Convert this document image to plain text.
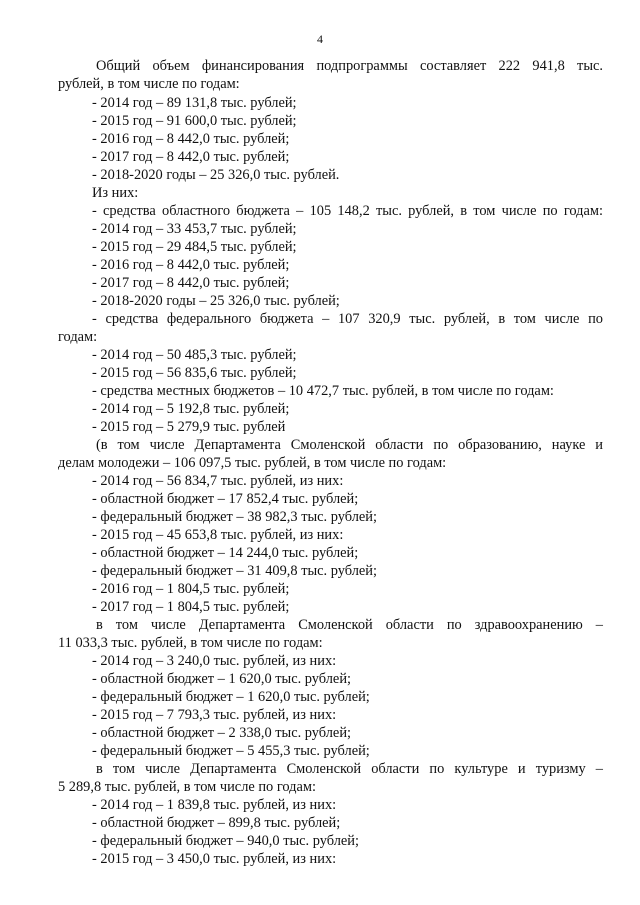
4
Общий объем финансирования подпрограммы составляет 222 941,8 тыс.
рублей, в том числе по годам:
- 2014 год – 89 131,8 тыс. рублей;
- 2015 год – 91 600,0 тыс. рублей;
- 2016 год – 8 442,0 тыс. рублей;
- 2017 год – 8 442,0 тыс. рублей;
- 2018-2020 годы – 25 326,0 тыс. рублей.
Из них:
- средства областного бюджета – 105 148,2 тыс. рублей, в том числе по годам:
- 2014 год – 33 453,7 тыс. рублей;
- 2015 год – 29 484,5 тыс. рублей;
- 2016 год – 8 442,0 тыс. рублей;
- 2017 год – 8 442,0 тыс. рублей;
- 2018-2020 годы – 25 326,0 тыс. рублей;
- средства федерального бюджета – 107 320,9 тыс. рублей, в том числе по
годам:
- 2014 год – 50 485,3 тыс. рублей;
- 2015 год – 56 835,6 тыс. рублей;
- средства местных бюджетов – 10 472,7 тыс. рублей, в том числе по годам:
- 2014 год – 5 192,8 тыс. рублей;
- 2015 год – 5 279,9 тыс. рублей
(в том числе Департамента Смоленской области по образованию, науке и
делам молодежи – 106 097,5 тыс. рублей, в том числе по годам:
- 2014 год – 56 834,7 тыс. рублей, из них:
- областной бюджет – 17 852,4 тыс. рублей;
- федеральный бюджет – 38 982,3 тыс. рублей;
- 2015 год – 45 653,8 тыс. рублей, из них:
- областной бюджет – 14 244,0 тыс. рублей;
- федеральный бюджет – 31 409,8 тыс. рублей;
- 2016 год – 1 804,5 тыс. рублей;
- 2017 год – 1 804,5 тыс. рублей;
в том числе Департамента Смоленской области по здравоохранению –
11 033,3 тыс. рублей, в том числе по годам:
- 2014 год – 3 240,0 тыс. рублей, из них:
- областной бюджет – 1 620,0 тыс. рублей;
- федеральный бюджет – 1 620,0 тыс. рублей;
- 2015 год – 7 793,3 тыс. рублей, из них:
- областной бюджет – 2 338,0 тыс. рублей;
- федеральный бюджет – 5 455,3 тыс. рублей;
в том числе Департамента Смоленской области по культуре и туризму –
5 289,8 тыс. рублей, в том числе по годам:
- 2014 год – 1 839,8 тыс. рублей, из них:
- областной бюджет – 899,8 тыс. рублей;
- федеральный бюджет – 940,0 тыс. рублей;
- 2015 год – 3 450,0 тыс. рублей, из них:
